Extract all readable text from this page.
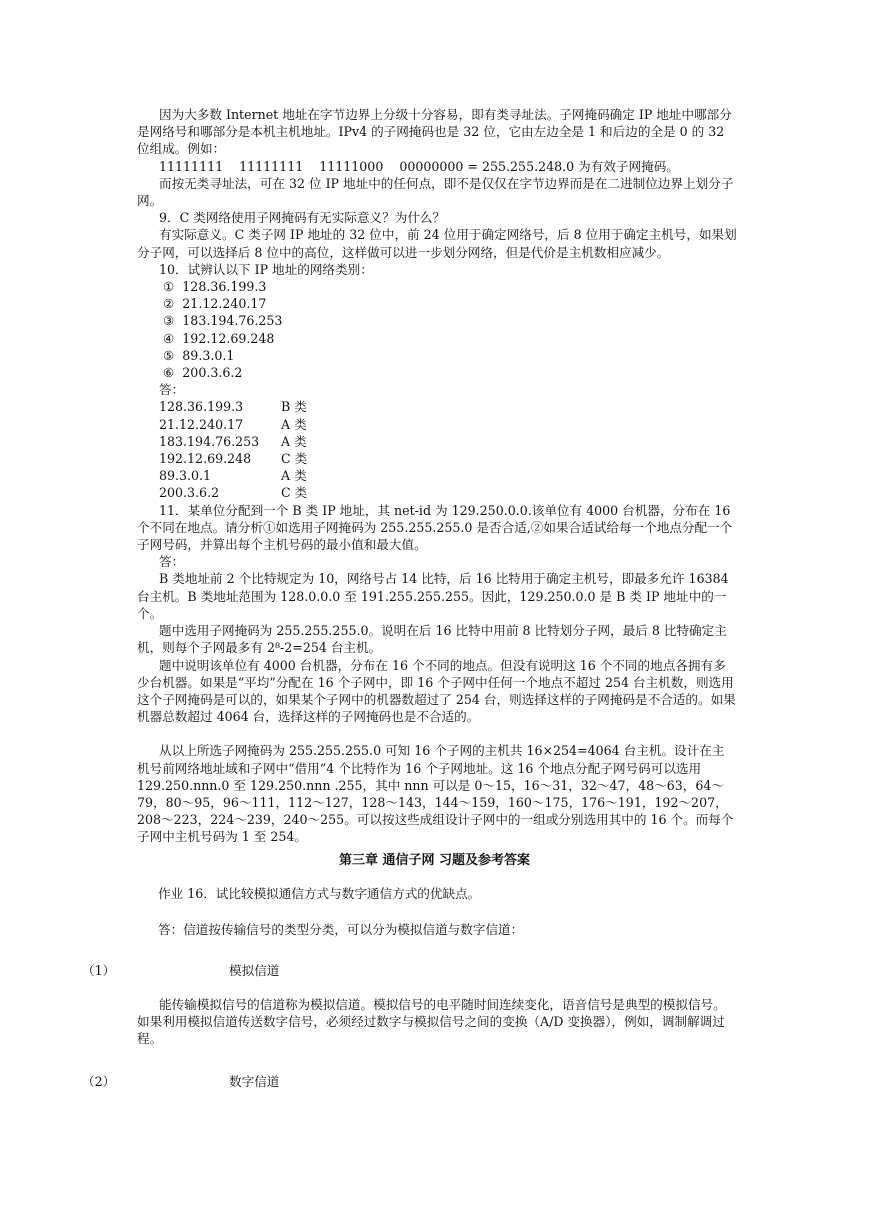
因为大多数 Internet 地址在字节边界上分级十分容易，即有类寻址法。子网掩码确定 IP 地址中哪部分是网络号和哪部分是本机主机地址。IPv4 的子网掩码也是 32 位，它由左边全是 1 和后边的全是 0 的 32 位组成。例如：

11111111    11111111    11111000    00000000 = 255.255.248.0 为有效子网掩码。

而按无类寻址法，可在 32 位 IP 地址中的任何点，即不是仅仅在字节边界而是在二进制位边界上划分子网。

9．C 类网络使用子网掩码有无实际意义？为什么？

有实际意义。C 类子网 IP 地址的 32 位中，前 24 位用于确定网络号，后 8 位用于确定主机号，如果划分子网，可以选择后 8 位中的高位，这样做可以进一步划分网络，但是代价是主机数相应减少。

10．试辨认以下 IP 地址的网络类别：

①  128.36.199.3
②  21.12.240.17
③  183.194.76.253
④  192.12.69.248
⑤  89.3.0.1
⑥  200.3.6.2

答：

128.36.199.3	B 类
21.12.240.17	A 类
183.194.76.253	A 类
192.12.69.248	C 类
89.3.0.1	A 类
200.3.6.2	C 类

11．某单位分配到一个 B 类 IP 地址，其 net-id 为 129.250.0.0.该单位有 4000 台机器，分布在 16 个不同在地点。请分析①如选用子网掩码为 255.255.255.0 是否合适,②如果合适试给每一个地点分配一个子网号码，并算出每个主机号码的最小值和最大值。

答：

B 类地址前 2 个比特规定为 10，网络号占 14 比特，后 16 比特用于确定主机号，即最多允许 16384 台主机。B 类地址范围为 128.0.0.0 至 191.255.255.255。因此，129.250.0.0 是 B 类 IP 地址中的一个。

题中选用子网掩码为 255.255.255.0。说明在后 16 比特中用前 8 比特划分子网，最后 8 比特确定主机，则每个子网最多有 2⁸-2=254 台主机。

题中说明该单位有 4000 台机器，分布在 16 个不同的地点。但没有说明这 16 个不同的地点各拥有多少台机器。如果是“平均”分配在 16 个子网中，即 16 个子网中任何一个地点不超过 254 台主机数，则选用这个子网掩码是可以的，如果某个子网中的机器数超过了 254 台，则选择这样的子网掩码是不合适的。如果机器总数超过 4064 台，选择这样的子网掩码也是不合适的。

从以上所选子网掩码为 255.255.255.0 可知 16 个子网的主机共 16×254=4064 台主机。设计在主机号前网络地址域和子网中“借用”4 个比特作为 16 个子网地址。这 16 个地点分配子网号码可以选用 129.250.nnn.0 至 129.250.nnn .255，其中 nnn 可以是 0～15，16～31，32～47，48～63，64～79，80～95，96～111，112～127，128～143，144～159，160～175，176～191，192～207，208～223，224～239，240～255。可以按这些成组设计子网中的一组或分别选用其中的 16 个。而每个子网中主机号码为 1 至 254。

第三章 通信子网 习题及参考答案
作业 16．试比较模拟通信方式与数字通信方式的优缺点。
答：信道按传输信号的类型分类，可以分为模拟信道与数字信道：
（1）	模拟信道
能传输模拟信号的信道称为模拟信道。模拟信号的电平随时间连续变化，语音信号是典型的模拟信号。如果利用模拟信道传送数字信号，必须经过数字与模拟信号之间的变换（A/D 变换器），例如，调制解调过程。
（2）	数字信道
